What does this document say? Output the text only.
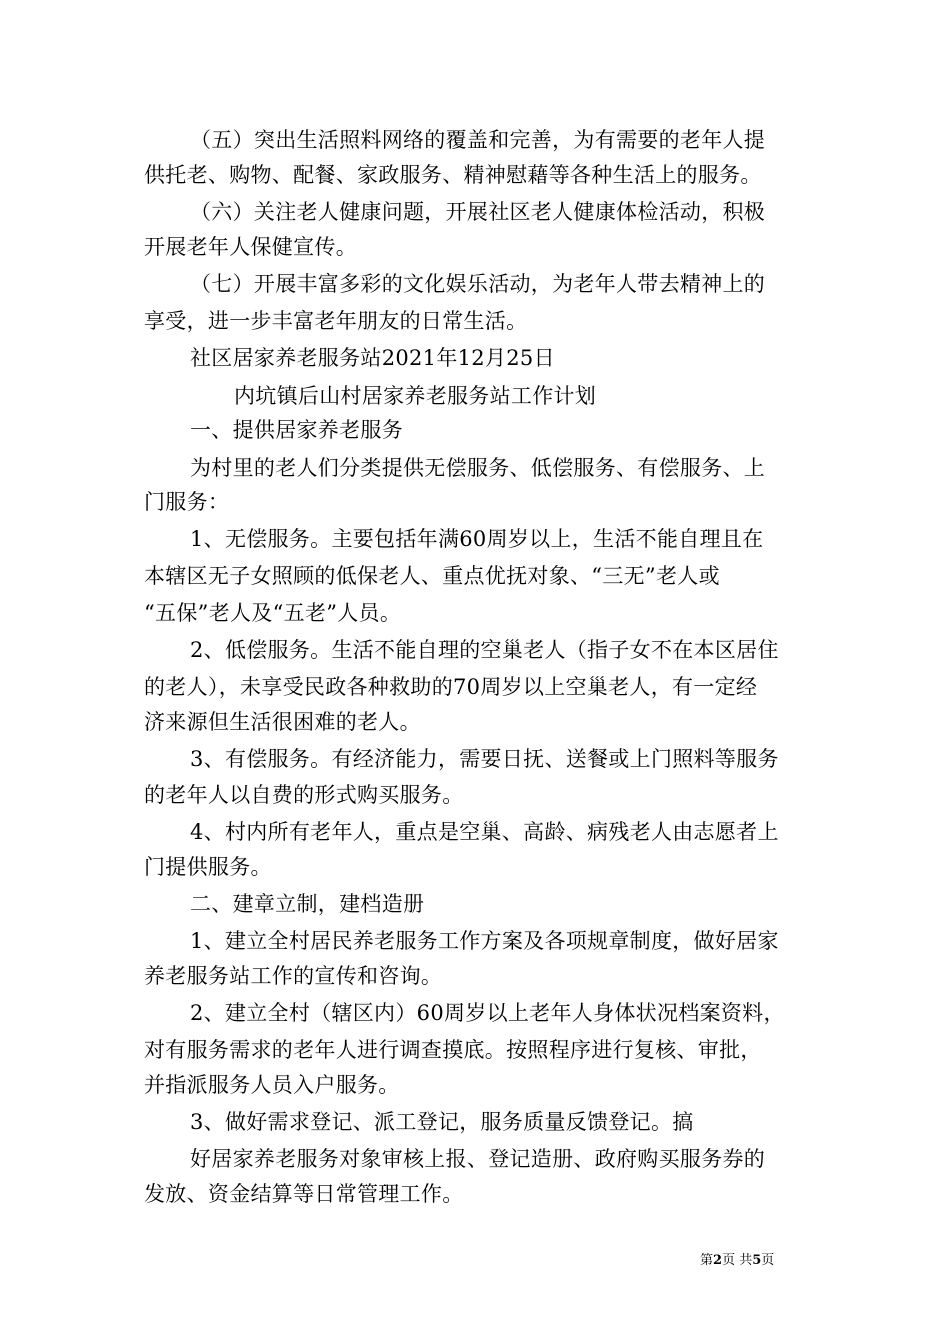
（五）突出生活照料网络的覆盖和完善，为有需要的老年人提
供托老、购物、配餐、家政服务、精神慰藉等各种生活上的服务。
（六）关注老人健康问题，开展社区老人健康体检活动，积极
开展老年人保健宣传。
（七）开展丰富多彩的文化娱乐活动，为老年人带去精神上的
享受，进一步丰富老年朋友的日常生活。
社区居家养老服务站2021年12月25日
内坑镇后山村居家养老服务站工作计划
一、提供居家养老服务
为村里的老人们分类提供无偿服务、低偿服务、有偿服务、上
门服务：
1、无偿服务。主要包括年满60周岁以上，生活不能自理且在
本辖区无子女照顾的低保老人、重点优抚对象、“三无”老人或
“五保”老人及“五老”人员。
2、低偿服务。生活不能自理的空巢老人（指子女不在本区居住
的老人），未享受民政各种救助的70周岁以上空巢老人，有一定经
济来源但生活很困难的老人。
3、有偿服务。有经济能力，需要日抚、送餐或上门照料等服务
的老年人以自费的形式购买服务。
4、村内所有老年人，重点是空巢、高龄、病残老人由志愿者上
门提供服务。
二、建章立制，建档造册
1、建立全村居民养老服务工作方案及各项规章制度，做好居家
养老服务站工作的宣传和咨询。
2、建立全村（辖区内）60周岁以上老年人身体状况档案资料，
对有服务需求的老年人进行调查摸底。按照程序进行复核、审批，
并指派服务人员入户服务。
3、做好需求登记、派工登记，服务质量反馈登记。搞
好居家养老服务对象审核上报、登记造册、政府购买服务券的
发放、资金结算等日常管理工作。
第2页 共5页
